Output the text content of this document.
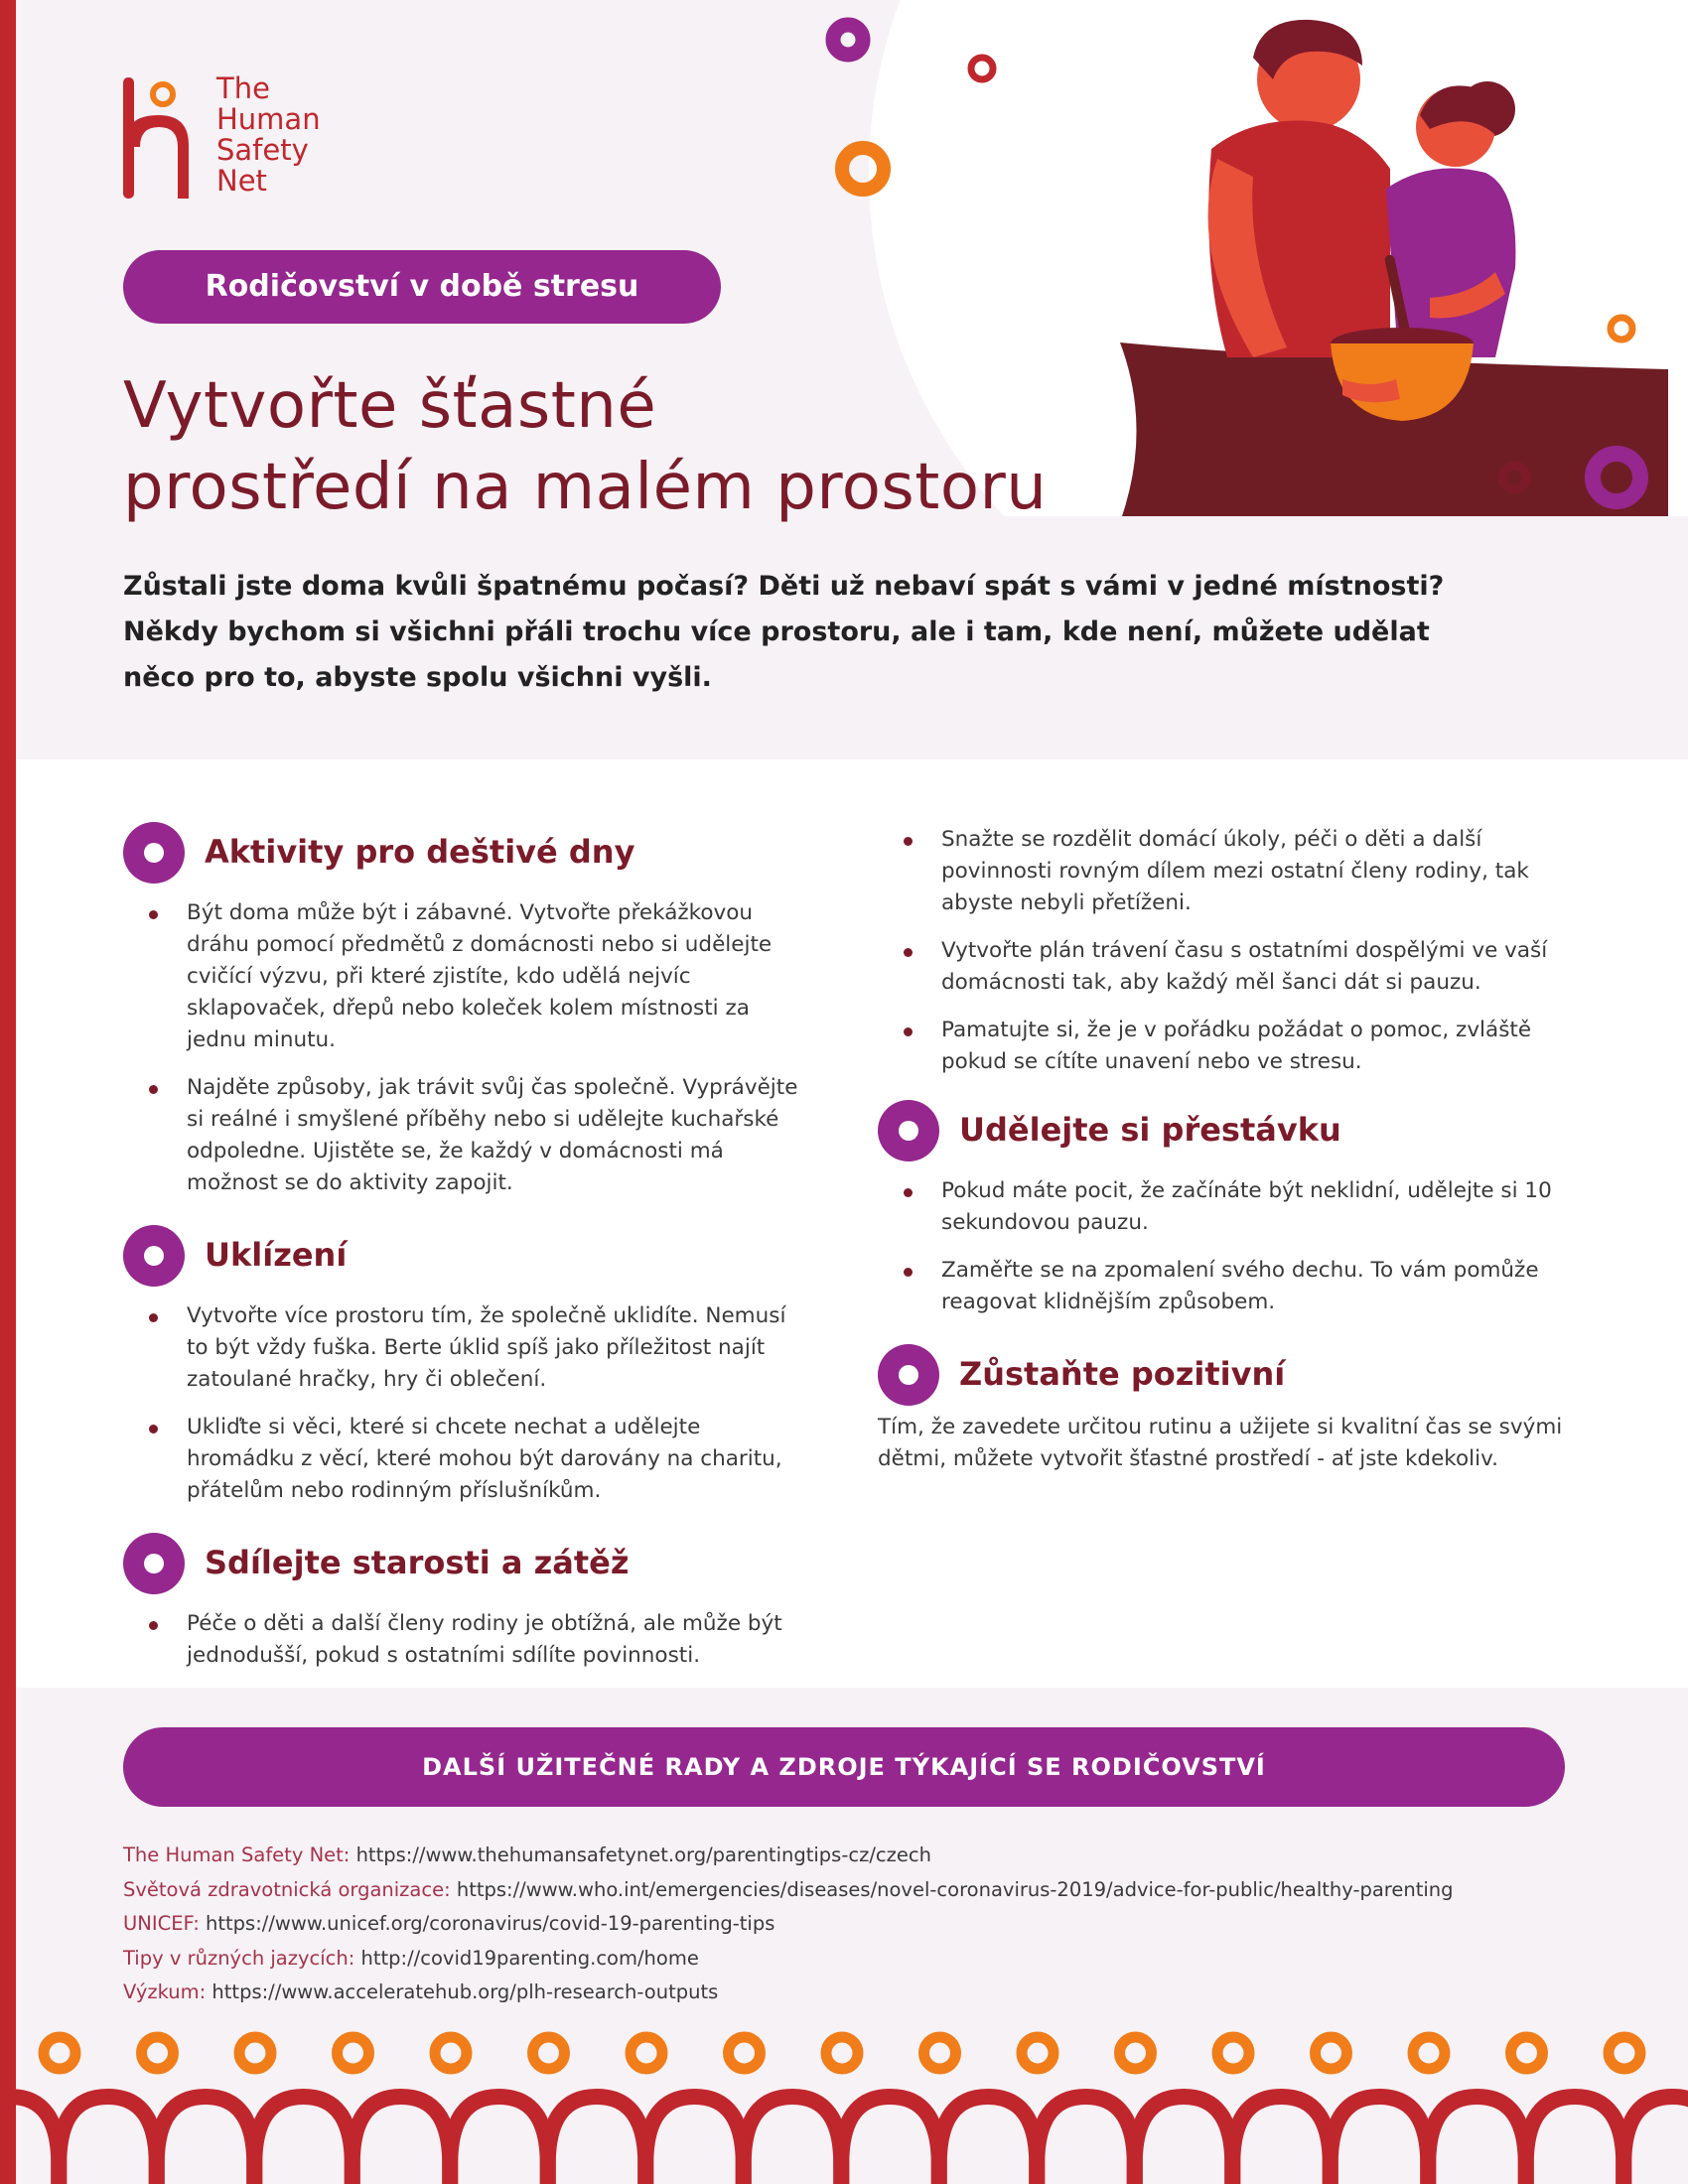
The
Human
Safety
Net
Rodičovství v době stresu
Vytvořte šťastné
prostředí na malém prostoru
Zůstali jste doma kvůli špatnému počasí? Děti už nebaví spát s vámi v jedné místnosti?
Někdy bychom si všichni přáli trochu více prostoru, ale i tam, kde není, můžete udělat
něco pro to, abyste spolu všichni vyšli.
Aktivity pro deštivé dny
Být doma může být i zábavné. Vytvořte překážkovou dráhu pomocí předmětů z domácnosti nebo si udělejte cvičící výzvu, při které zjistíte, kdo udělá nejvíc sklapovaček, dřepů nebo koleček kolem místnosti za jednu minutu.
Najděte způsoby, jak trávit svůj čas společně. Vyprávějte si reálné i smyšlené příběhy nebo si udělejte kuchařské odpoledne. Ujistěte se, že každý v domácnosti má možnost se do aktivity zapojit.
Uklízení
Vytvořte více prostoru tím, že společně uklidíte. Nemusí to být vždy fuška. Berte úklid spíš jako příležitost najít zatoulané hračky, hry či oblečení.
Ukliďte si věci, které si chcete nechat a udělejte hromádku z věcí, které mohou být darovány na charitu, přátelům nebo rodinným příslušníkům.
Sdílejte starosti a zátěž
Péče o děti a další členy rodiny je obtížná, ale může být jednodušší, pokud s ostatními sdílíte povinnosti.
Snažte se rozdělit domácí úkoly, péči o děti a další povinnosti rovným dílem mezi ostatní členy rodiny, tak abyste nebyli přetíženi.
Vytvořte plán trávení času s ostatními dospělými ve vaší domácnosti tak, aby každý měl šanci dát si pauzu.
Pamatujte si, že je v pořádku požádat o pomoc, zvláště pokud se cítíte unavení nebo ve stresu.
Udělejte si přestávku
Pokud máte pocit, že začínáte být neklidní, udělejte si 10 sekundovou pauzu.
Zaměřte se na zpomalení svého dechu. To vám pomůže reagovat klidnějším způsobem.
Zůstaňte pozitivní
Tím, že zavedete určitou rutinu a užijete si kvalitní čas se svými dětmi, můžete vytvořit šťastné prostředí - ať jste kdekoliv.
DALŠÍ UŽITEČNÉ RADY A ZDROJE TÝKAJÍCÍ SE RODIČOVSTVÍ
The Human Safety Net: https://www.thehumansafetynet.org/parentingtips-cz/czech
Světová zdravotnická organizace: https://www.who.int/emergencies/diseases/novel-coronavirus-2019/advice-for-public/healthy-parenting
UNICEF: https://www.unicef.org/coronavirus/covid-19-parenting-tips
Tipy v různých jazycích: http://covid19parenting.com/home
Výzkum: https://www.acceleratehub.org/plh-research-outputs
